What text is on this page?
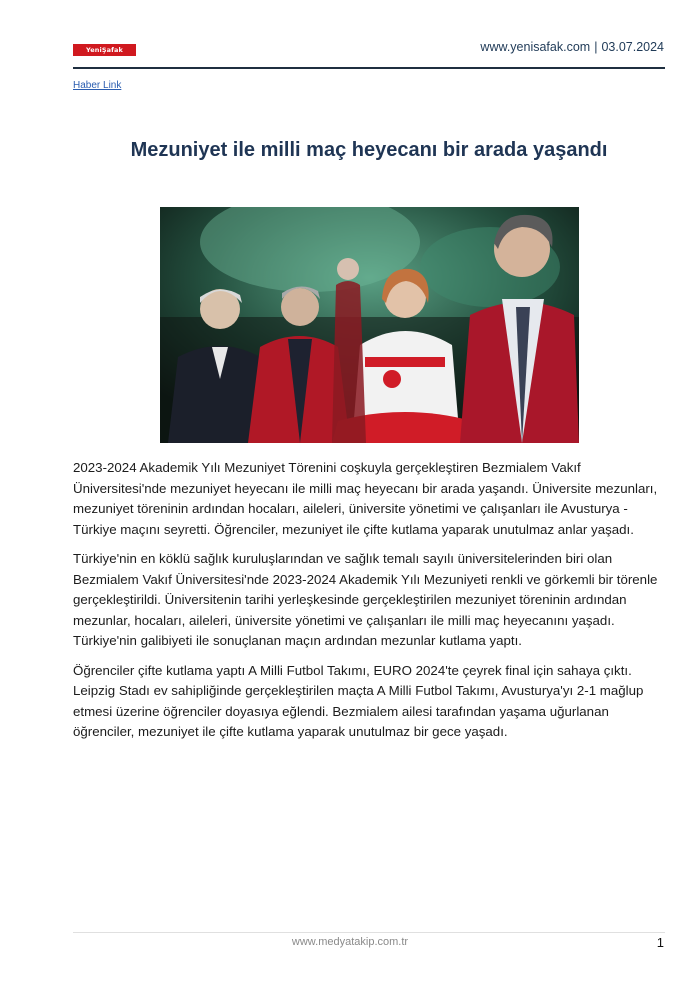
YeniŞafak	www.yenisafak.com | 03.07.2024
Haber Link
Mezuniyet ile milli maç heyecanı bir arada yaşandı

2023-2024 Akademik Yılı Mezuniyet Törenini coşkuyla gerçekleştiren Bezmialem Vakıf Üniversitesi'nde mezuniyet heyecanı ile milli maç heyecanı bir arada yaşandı. Üniversite mezunları, mezuniyet töreninin ardından hocaları, aileleri, üniversite yönetimi ve çalışanları ile Avusturya - Türkiye maçını seyretti. Öğrenciler, mezuniyet ile çifte kutlama yaparak unutulmaz anlar yaşadı.

Türkiye'nin en köklü sağlık kuruluşlarından ve sağlık temalı sayılı üniversitelerinden biri olan Bezmialem Vakıf Üniversitesi'nde 2023-2024 Akademik Yılı Mezuniyeti renkli ve görkemli bir törenle gerçekleştirildi. Üniversitenin tarihi yerleşkesinde gerçekleştirilen mezuniyet töreninin ardından mezunlar, hocaları, aileleri, üniversite yönetimi ve çalışanları ile milli maç heyecanını yaşadı. Türkiye'nin galibiyeti ile sonuçlanan maçın ardından mezunlar kutlama yaptı.

Öğrenciler çifte kutlama yaptı A Milli Futbol Takımı, EURO 2024'te çeyrek final için sahaya çıktı. Leipzig Stadı ev sahipliğinde gerçekleştirilen maçta A Milli Futbol Takımı, Avusturya'yı 2-1 mağlup etmesi üzerine öğrenciler doyasıya eğlendi. Bezmialem ailesi tarafından yaşama uğurlanan öğrenciler, mezuniyet ile çifte kutlama yaparak unutulmaz bir gece yaşadı.

www.medyatakip.com.tr	1
